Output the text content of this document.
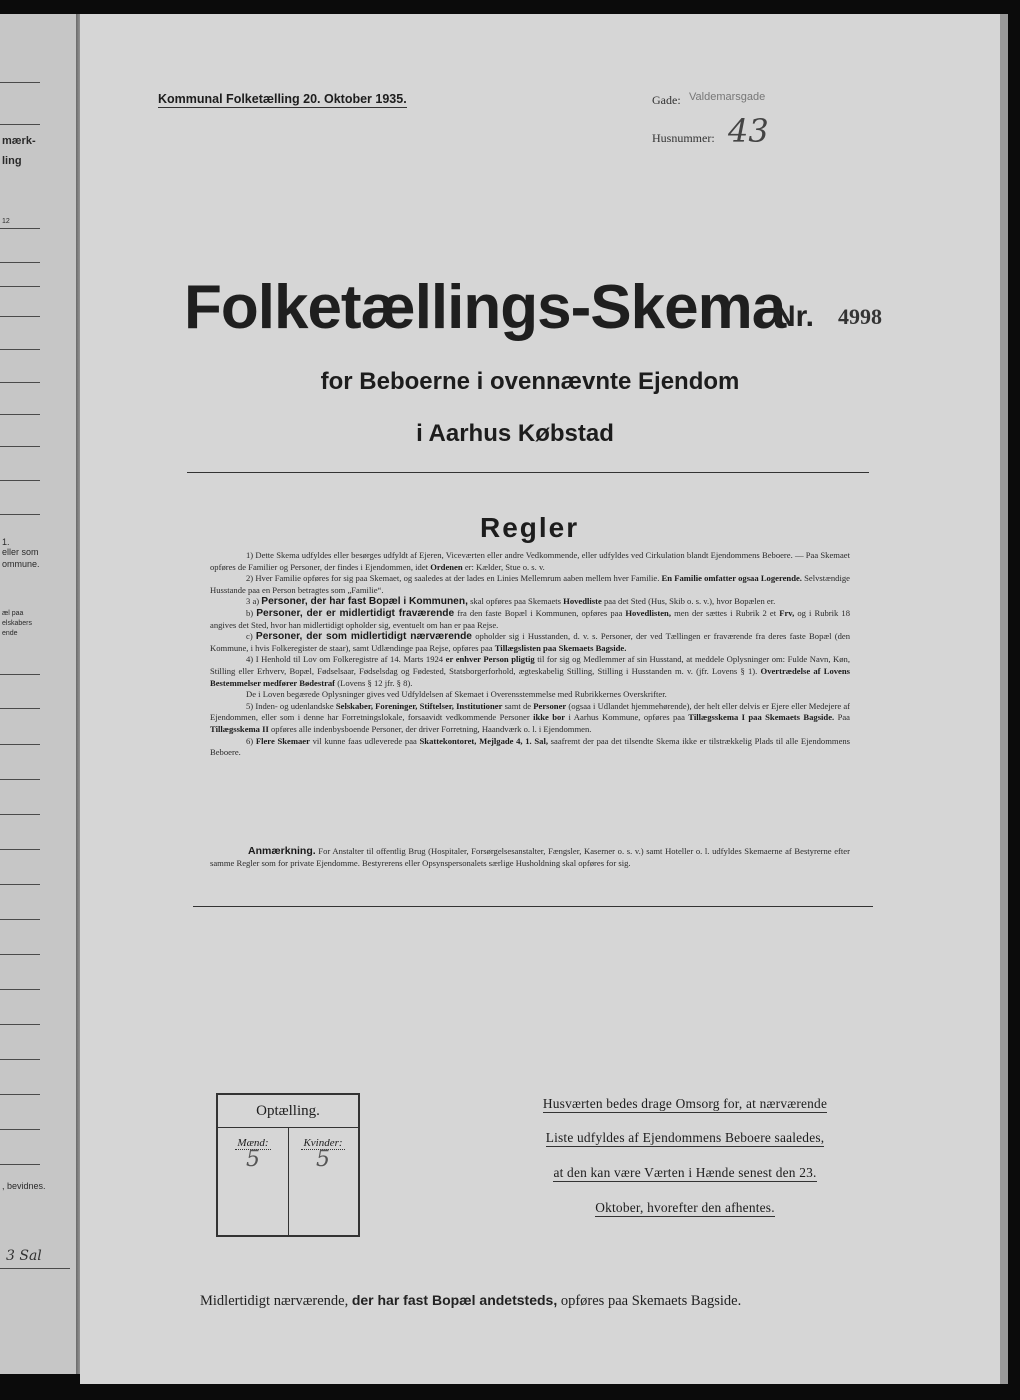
mærk-
ling
12
1.
eller som
ommune.
æl paa
elskabers
ende
, bevidnes.
3 Sal
Kommunal Folketælling 20. Oktober 1935.	Gade: Valdemarsgade
Husnummer: 43
Folketællings-Skema
Nr. 4998
for Beboerne i ovennævnte Ejendom
i Aarhus Købstad
Regler

1) Dette Skema udfyldes eller besørges udfyldt af Ejeren, Viceværten eller andre Vedkommende, eller udfyldes ved Cirkulation blandt Ejendommens Beboere. — Paa Skemaet opføres de Familier og Personer, der findes i Ejendommen, idet Ordenen er: Kælder, Stue o. s. v.

2) Hver Familie opføres for sig paa Skemaet, og saaledes at der lades en Linies Mellemrum aaben mellem hver Familie. En Familie omfatter ogsaa Logerende. Selvstændige Husstande paa en Person betragtes som „Familie“.

3 a) Personer, der har fast Bopæl i Kommunen, skal opføres paa Skemaets Hovedliste paa det Sted (Hus, Skib o. s. v.), hvor Bopælen er.

b) Personer, der er midlertidigt fraværende fra den faste Bopæl i Kommunen, opføres paa Hovedlisten, men der sættes i Rubrik 2 et Frv, og i Rubrik 18 angives det Sted, hvor han midlertidigt opholder sig, eventuelt om han er paa Rejse.

c) Personer, der som midlertidigt nærværende opholder sig i Husstanden, d. v. s. Personer, der ved Tællingen er fraværende fra deres faste Bopæl (den Kommune, i hvis Folkeregister de staar), samt Udlændinge paa Rejse, opføres paa Tillægslisten paa Skemaets Bagside.

4) I Henhold til Lov om Folkeregistre af 14. Marts 1924 er enhver Person pligtig til for sig og Medlemmer af sin Husstand, at meddele Oplysninger om: Fulde Navn, Køn, Stilling eller Erhverv, Bopæl, Fødselsaar, Fødselsdag og Fødested, Statsborgerforhold, ægteskabelig Stilling, Stilling i Husstanden m. v. (jfr. Lovens § 1). Overtrædelse af Lovens Bestemmelser medfører Bødestraf (Lovens § 12 jfr. § 8).

De i Loven begærede Oplysninger gives ved Udfyldelsen af Skemaet i Overensstemmelse med Rubrikkernes Overskrifter.

5) Inden- og udenlandske Selskaber, Foreninger, Stiftelser, Institutioner samt de Personer (ogsaa i Udlandet hjemmehørende), der helt eller delvis er Ejere eller Medejere af Ejendommen, eller som i denne har Forretningslokale, forsaavidt vedkommende Personer ikke bor i Aarhus Kommune, opføres paa Tillægsskema I paa Skemaets Bagside. Paa Tillægsskema II opføres alle indenbysboende Personer, der driver Forretning, Haandværk o. l. i Ejendommen.

6) Flere Skemaer vil kunne faas udleverede paa Skattekontoret, Mejlgade 4, 1. Sal, saafremt der paa det tilsendte Skema ikke er tilstrækkelig Plads til alle Ejendommens Beboere.

Anmærkning. For Anstalter til offentlig Brug (Hospitaler, Forsørgelsesanstalter, Fængsler, Kaserner o. s. v.) samt Hoteller o. l. udfyldes Skemaerne af Bestyrerne efter samme Regler som for private Ejendomme. Bestyrerens eller Opsynspersonalets særlige Husholdning skal opføres for sig.

Optælling.
Mænd:	Kvinder:
5	5
Husværten bedes drage Omsorg for, at nærværende
Liste udfyldes af Ejendommens Beboere saaledes,
at den kan være Værten i Hænde senest den 23.
Oktober, hvorefter den afhentes.
Midlertidigt nærværende, der har fast Bopæl andetsteds, opføres paa Skemaets Bagside.
